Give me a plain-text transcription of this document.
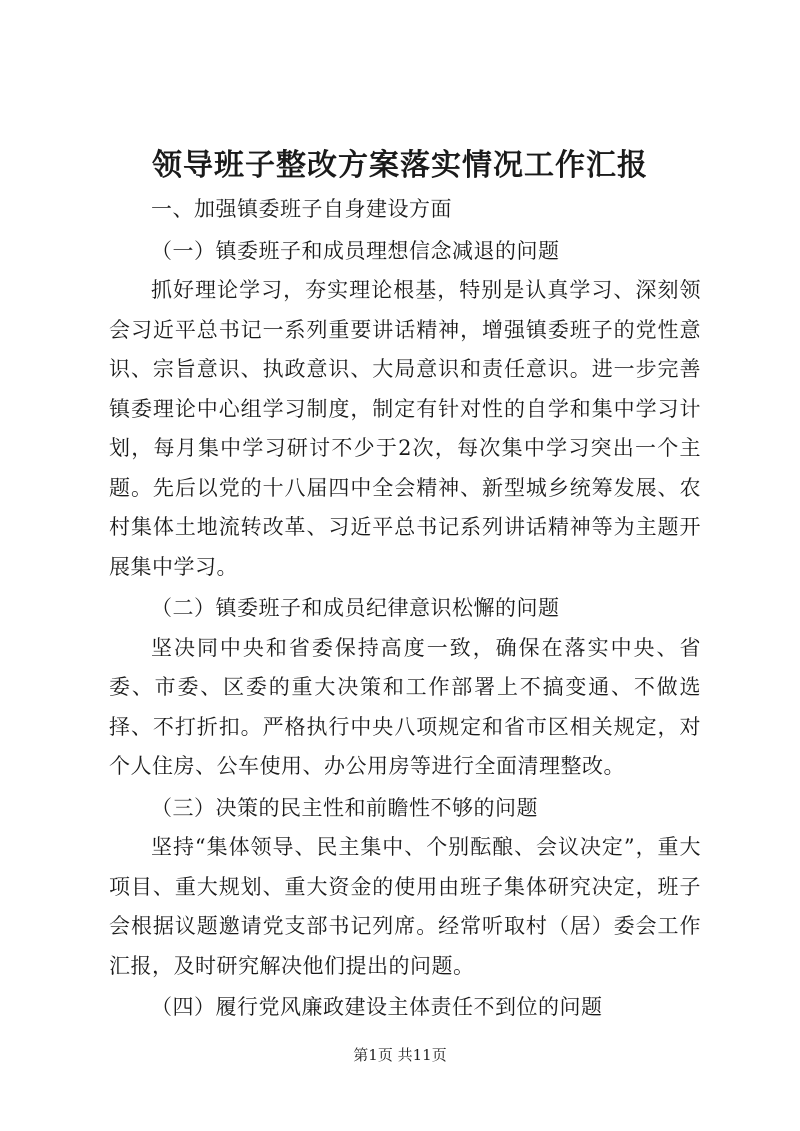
领导班子整改方案落实情况工作汇报

一、加强镇委班子自身建设方面

（一）镇委班子和成员理想信念减退的问题

抓好理论学习，夯实理论根基，特别是认真学习、深刻领会习近平总书记一系列重要讲话精神，增强镇委班子的党性意识、宗旨意识、执政意识、大局意识和责任意识。进一步完善镇委理论中心组学习制度，制定有针对性的自学和集中学习计划，每月集中学习研讨不少于2次，每次集中学习突出一个主题。先后以党的十八届四中全会精神、新型城乡统筹发展、农村集体土地流转改革、习近平总书记系列讲话精神等为主题开展集中学习。

（二）镇委班子和成员纪律意识松懈的问题

坚决同中央和省委保持高度一致，确保在落实中央、省委、市委、区委的重大决策和工作部署上不搞变通、不做选择、不打折扣。严格执行中央八项规定和省市区相关规定，对个人住房、公车使用、办公用房等进行全面清理整改。

（三）决策的民主性和前瞻性不够的问题

坚持“集体领导、民主集中、个别酝酿、会议决定”，重大项目、重大规划、重大资金的使用由班子集体研究决定，班子会根据议题邀请党支部书记列席。经常听取村（居）委会工作汇报，及时研究解决他们提出的问题。

（四）履行党风廉政建设主体责任不到位的问题

第1页 共11页
